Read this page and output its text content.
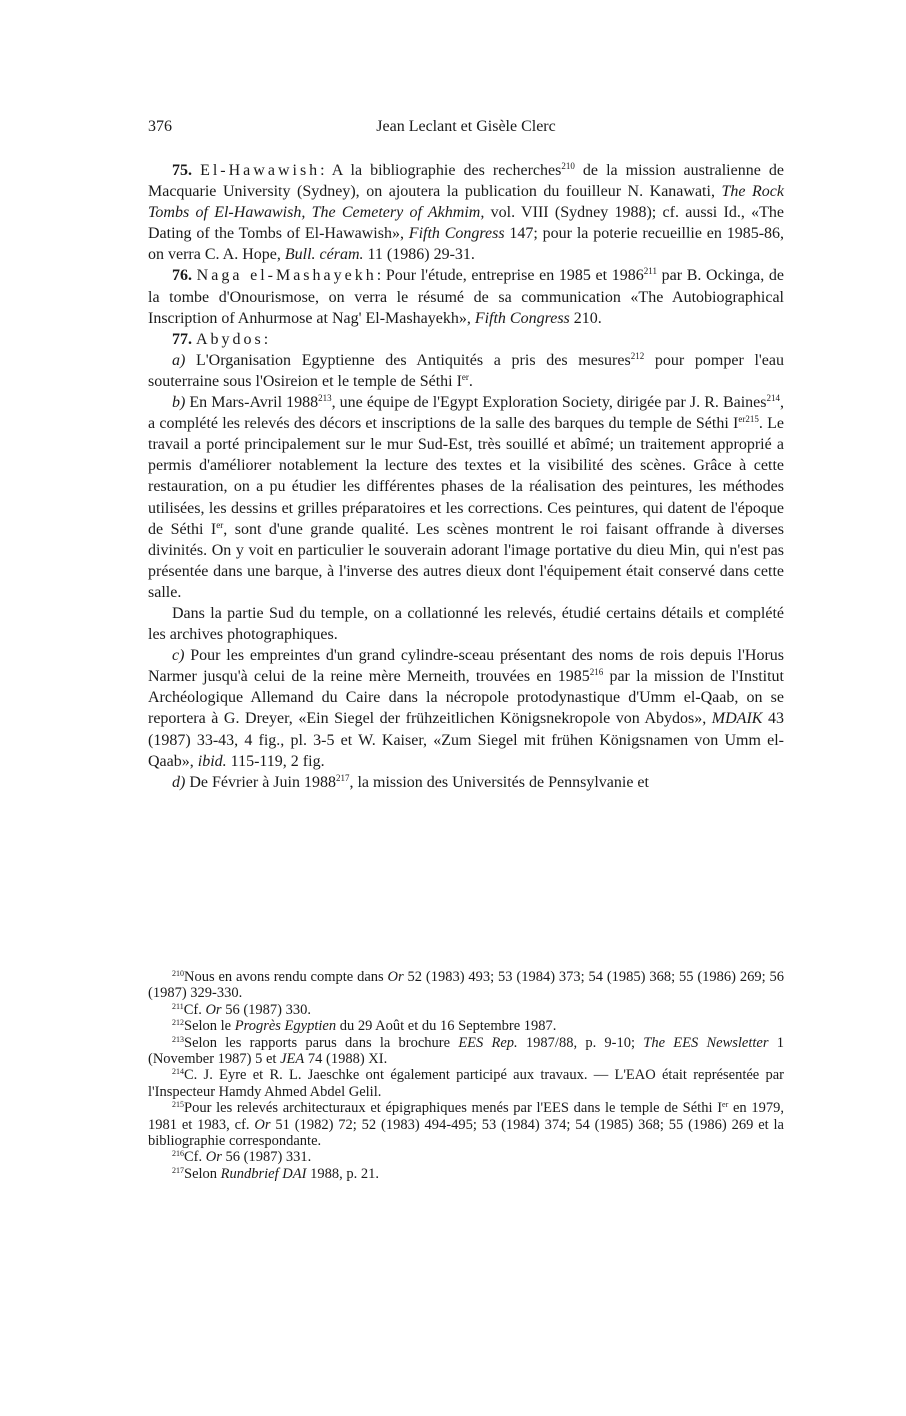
376	Jean Leclant et Gisèle Clerc

75. El-Hawawish: A la bibliographie des recherches$^{210}$ de la mission australienne de Macquarie University (Sydney), on ajoutera la publication du fouilleur N. Kanawati, The Rock Tombs of El-Hawawish, The Cemetery of Akhmim, vol. VIII (Sydney 1988); cf. aussi Id., «The Dating of the Tombs of El-Hawawish», Fifth Congress 147; pour la poterie recueillie en 1985-86, on verra C. A. Hope, Bull. céram. 11 (1986) 29-31.

76. Naga el-Mashayekh: Pour l'étude, entreprise en 1985 et 1986$^{211}$ par B. Ockinga, de la tombe d'Onourismose, on verra le résumé de sa communication «The Autobiographical Inscription of Anhurmose at Nag' El-Mashayekh», Fifth Congress 210.

77. Abydos:

a) L'Organisation Egyptienne des Antiquités a pris des mesures$^{212}$ pour pomper l'eau souterraine sous l'Osireion et le temple de Séthi Ier.

b) En Mars-Avril 1988$^{213}$, une équipe de l'Egypt Exploration Society, dirigée par J. R. Baines$^{214}$, a complété les relevés des décors et inscriptions de la salle des barques du temple de Séthi $I^{er215}$. Le travail a porté principalement sur le mur Sud-Est, très souillé et abîmé; un traitement approprié a permis d'améliorer notablement la lecture des textes et la visibilité des scènes. Grâce à cette restauration, on a pu étudier les différentes phases de la réalisation des peintures, les méthodes utilisées, les dessins et grilles préparatoires et les corrections. Ces peintures, qui datent de l'époque de Séthi Ier, sont d'une grande qualité. Les scènes montrent le roi faisant offrande à diverses divinités. On y voit en particulier le souverain adorant l'image portative du dieu Min, qui n'est pas présentée dans une barque, à l'inverse des autres dieux dont l'équipement était conservé dans cette salle.

Dans la partie Sud du temple, on a collationné les relevés, étudié certains détails et complété les archives photographiques.

c) Pour les empreintes d'un grand cylindre-sceau présentant des noms de rois depuis l'Horus Narmer jusqu'à celui de la reine mère Merneith, trouvées en 1985$^{216}$ par la mission de l'Institut Archéologique Allemand du Caire dans la nécropole protodynastique d'Umm el-Qaab, on se reportera à G. Dreyer, «Ein Siegel der frühzeitlichen Königsnekropole von Abydos», MDAIK 43 (1987) 33-43, 4 fig., pl. 3-5 et W. Kaiser, «Zum Siegel mit frühen Königsnamen von Umm el-Qaab», ibid. 115-119, 2 fig.

d) De Février à Juin 1988$^{217}$, la mission des Universités de Pennsylvanie et

$^{210}$Nous en avons rendu compte dans Or 52 (1983) 493; 53 (1984) 373; 54 (1985) 368; 55 (1986) 269; 56 (1987) 329-330.

$^{211}$Cf. Or 56 (1987) 330.

$^{212}$Selon le Progrès Egyptien du 29 Août et du 16 Septembre 1987.

$^{213}$Selon les rapports parus dans la brochure EES Rep. 1987/88, p. 9-10; The EES Newsletter 1 (November 1987) 5 et JEA 74 (1988) XI.

$^{214}$C. J. Eyre et R. L. Jaeschke ont également participé aux travaux. — L'EAO était représentée par l'Inspecteur Hamdy Ahmed Abdel Gelil.

$^{215}$Pour les relevés architecturaux et épigraphiques menés par l'EES dans le temple de Séthi Ier en 1979, 1981 et 1983, cf. Or 51 (1982) 72; 52 (1983) 494-495; 53 (1984) 374; 54 (1985) 368; 55 (1986) 269 et la bibliographie correspondante.

$^{216}$Cf. Or 56 (1987) 331.

$^{217}$Selon Rundbrief DAI 1988, p. 21.
